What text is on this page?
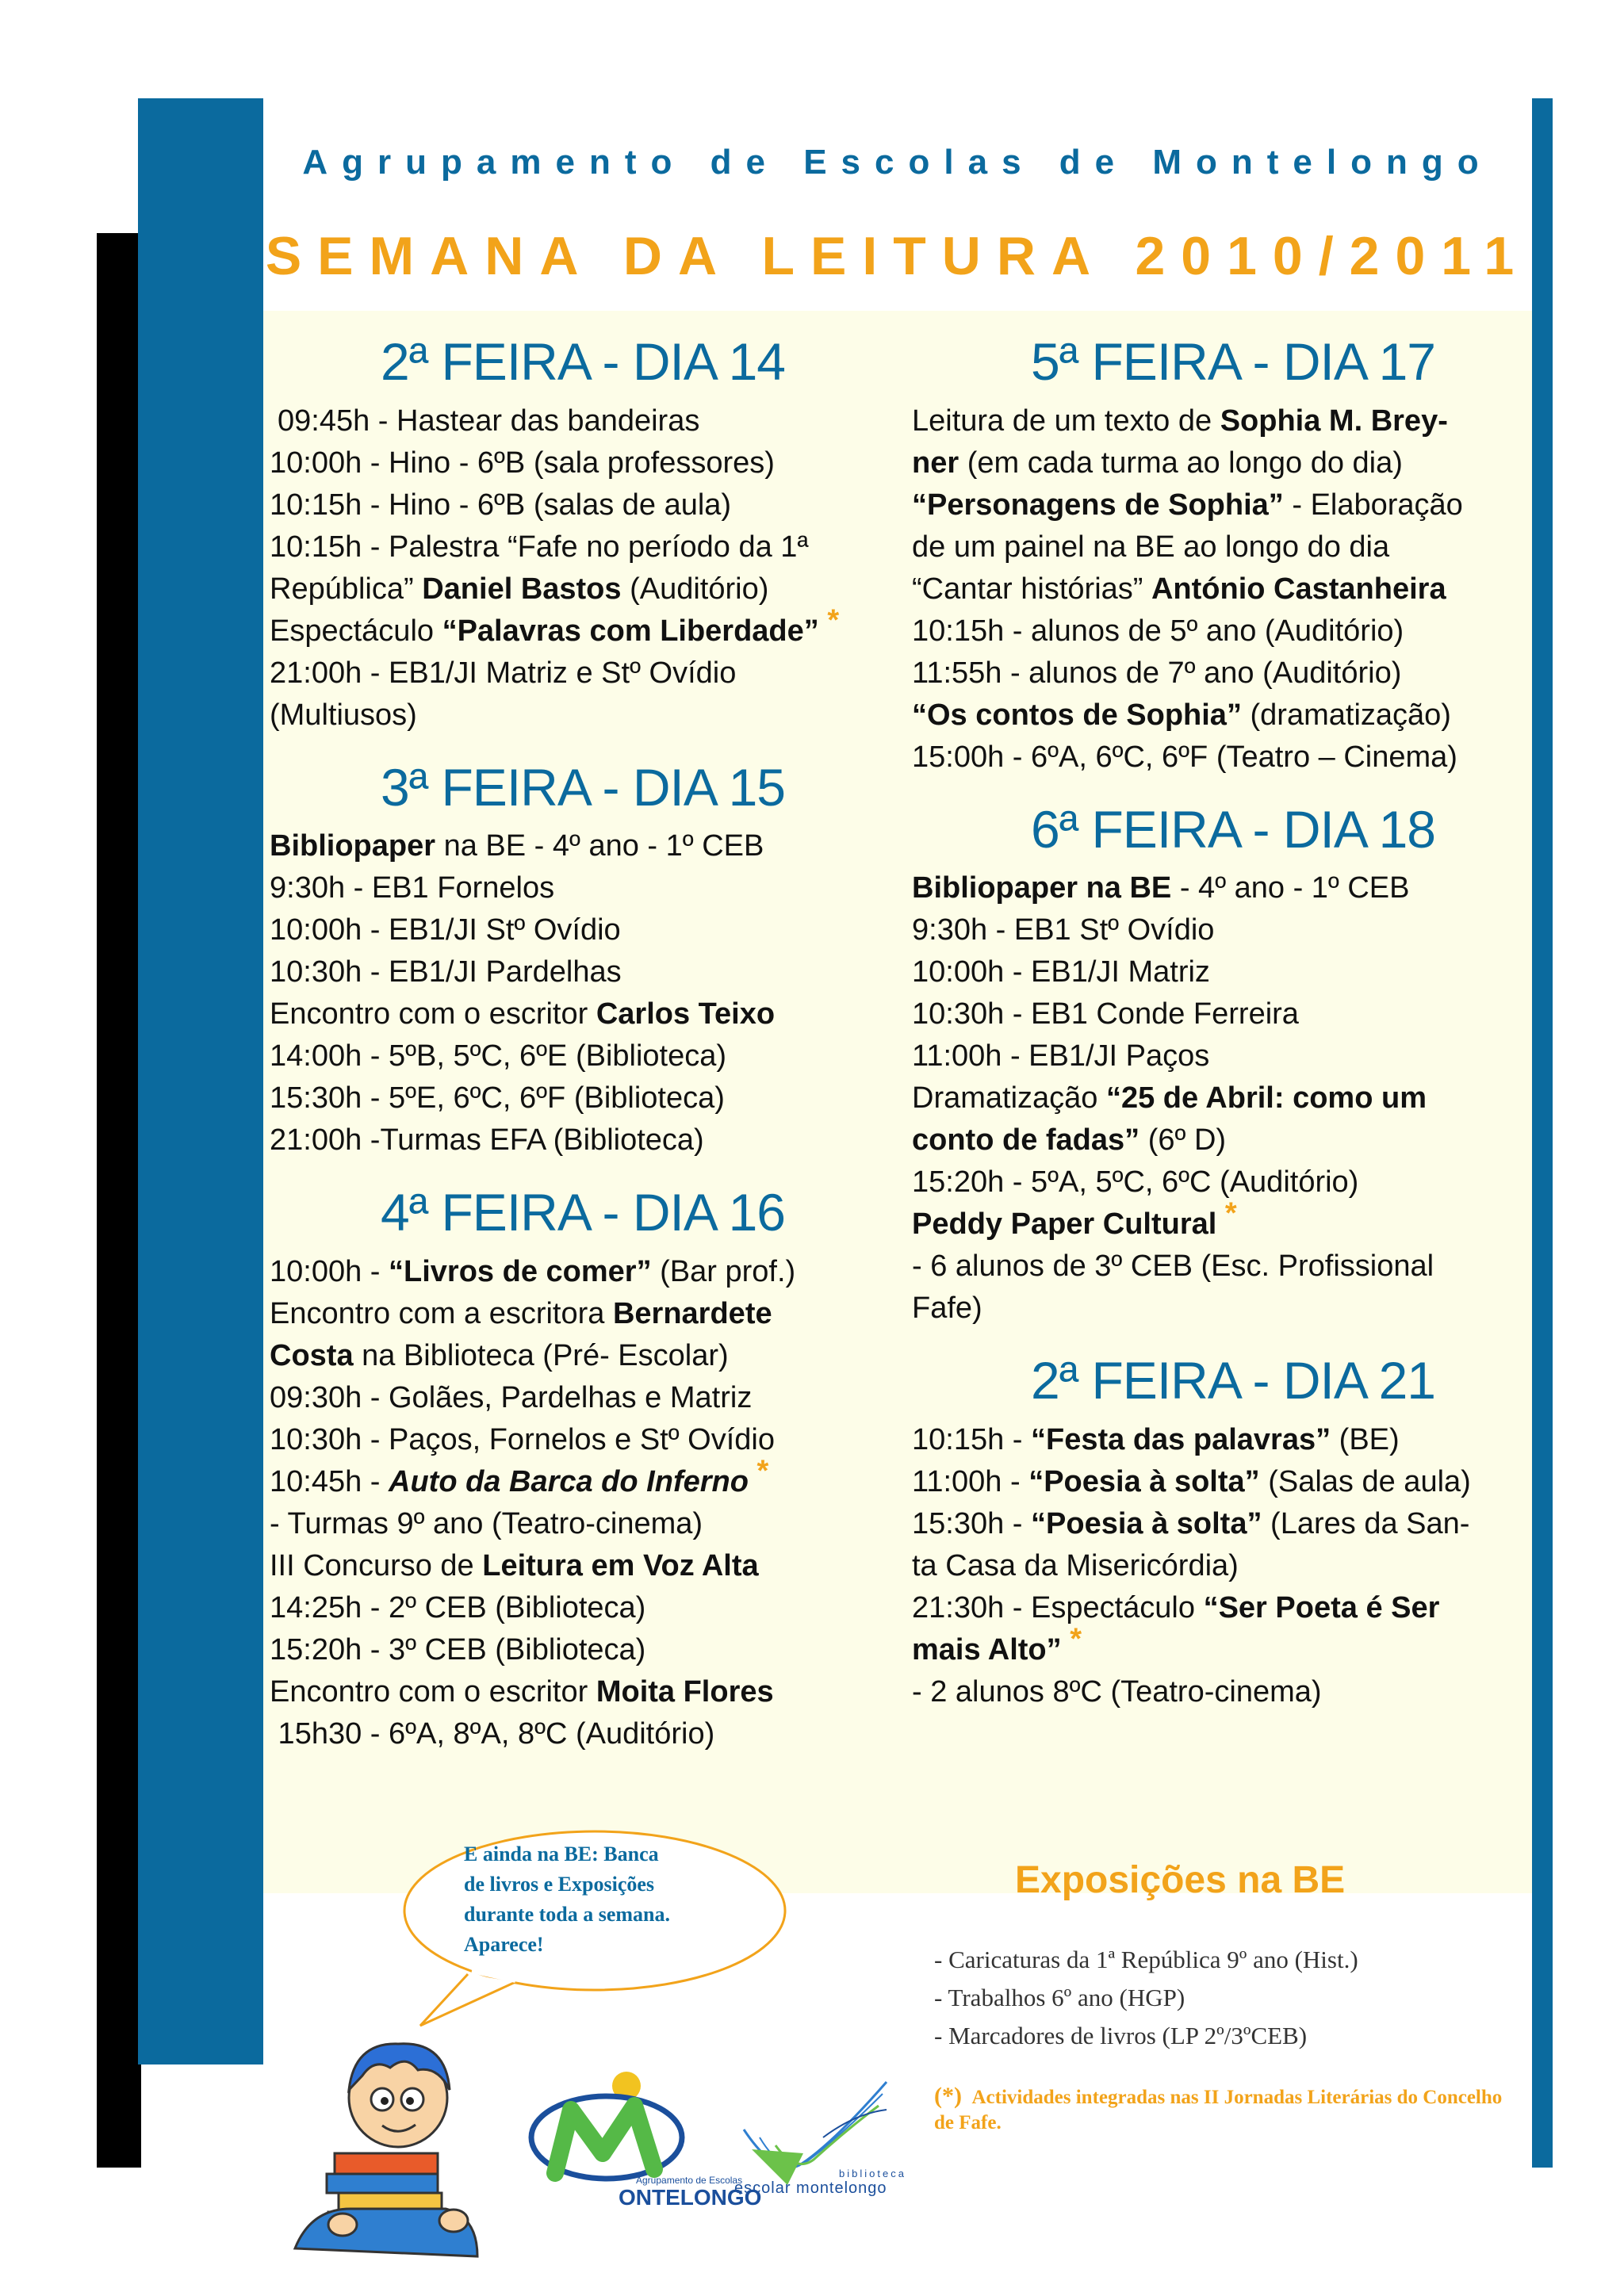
Agrupamento de Escolas de Montelongo
SEMANA DA LEITURA 2010/2011
2ª FEIRA - DIA 14

09:45h - Hastear das bandeiras

10:00h - Hino - 6ºB (sala professores)

10:15h - Hino - 6ºB (salas de aula)

10:15h - Palestra “Fafe no período da 1ª

República” Daniel Bastos (Auditório)

Espectáculo “Palavras com Liberdade” *

21:00h - EB1/JI Matriz e Stº Ovídio

(Multiusos)

3ª FEIRA - DIA 15

Bibliopaper na BE - 4º ano - 1º CEB

9:30h - EB1 Fornelos

10:00h - EB1/JI Stº Ovídio

10:30h - EB1/JI Pardelhas

Encontro com o escritor Carlos Teixo

14:00h - 5ºB, 5ºC, 6ºE (Biblioteca)

15:30h - 5ºE, 6ºC, 6ºF (Biblioteca)

21:00h -Turmas EFA (Biblioteca)

4ª FEIRA - DIA 16

10:00h - “Livros de comer” (Bar prof.)

Encontro com a escritora Bernardete

Costa na Biblioteca (Pré- Escolar)

09:30h - Golães, Pardelhas e Matriz

10:30h - Paços, Fornelos e Stº Ovídio

10:45h - Auto da Barca do Inferno *

- Turmas 9º ano (Teatro-cinema)

III Concurso de Leitura em Voz Alta

14:25h - 2º CEB (Biblioteca)

15:20h - 3º CEB (Biblioteca)

Encontro com o escritor Moita Flores

15h30 - 6ºA, 8ºA, 8ºC (Auditório)

5ª FEIRA - DIA 17

Leitura de um texto de Sophia M. Brey-

ner (em cada turma ao longo do dia)

“Personagens de Sophia” - Elaboração

de um painel na BE ao longo do dia

“Cantar histórias” António Castanheira

10:15h - alunos de 5º ano (Auditório)

11:55h - alunos de 7º ano (Auditório)

“Os contos de Sophia” (dramatização)

15:00h - 6ºA, 6ºC, 6ºF (Teatro – Cinema)

6ª FEIRA - DIA 18

Bibliopaper na BE - 4º ano - 1º CEB

9:30h - EB1 Stº Ovídio

10:00h - EB1/JI Matriz

10:30h - EB1 Conde Ferreira

11:00h - EB1/JI Paços

Dramatização “25 de Abril: como um

conto de fadas” (6º D)

15:20h - 5ºA, 5ºC, 6ºC (Auditório)

Peddy Paper Cultural *

- 6 alunos de 3º CEB (Esc. Profissional

Fafe)

2ª FEIRA - DIA 21

10:15h - “Festa das palavras” (BE)

11:00h - “Poesia à solta” (Salas de aula)

15:30h - “Poesia à solta” (Lares da San-

ta Casa da Misericórdia)

21:30h - Espectáculo “Ser Poeta é Ser

mais Alto” *

- 2 alunos 8ºC (Teatro-cinema)

E ainda na BE: Banca
de livros e Exposições
durante toda a semana.
Aparece!
Exposições na BE
- Caricaturas da 1ª República 9º ano (Hist.)
- Trabalhos 6º ano (HGP)
- Marcadores de livros (LP 2º/3ºCEB)
(*) Actividades integradas nas II Jornadas Literárias do Concelho de Fafe.
Agrupamento de Escolas
ONTELONGO
biblioteca
escolar montelongo
